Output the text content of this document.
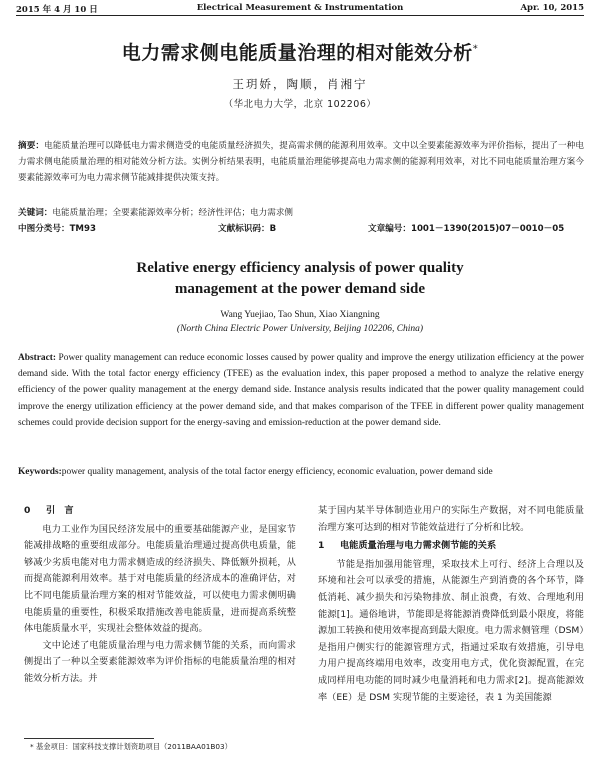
2015 年 4 月 10 日	Electrical Measurement & Instrumentation	Apr. 10, 2015
电力需求侧电能质量治理的相对能效分析*
王玥娇，陶顺，肖湘宁
（华北电力大学，北京 102206）
摘要：电能质量治理可以降低电力需求侧造受的电能质量经济损失，提高需求侧的能源利用效率。文中以全要素能源效率为评价指标，提出了一种电力需求侧电能质量治理的相对能效分析方法。实例分析结果表明，电能质量治理能够提高电力需求侧的能源利用效率，对比不同电能质量治理方案今要素能源效率可为电力需求侧节能减排提供决策支持。
关键词：电能质量治理；全要素能源效率分析；经济性评估；电力需求侧
中图分类号：TM93	文献标识码：B	文章编号：1001－1390(2015)07－0010－05
Relative energy efficiency analysis of power quality
management at the power demand side
Wang Yuejiao, Tao Shun, Xiao Xiangning
(North China Electric Power University, Beijing 102206, China)
Abstract: Power quality management can reduce economic losses caused by power quality and improve the energy utilization efficiency at the power demand side. With the total factor energy efficiency (TFEE) as the evaluation index, this paper proposed a method to analyze the relative energy efficiency of the power quality management at the energy demand side. Instance analysis results indicated that the power quality management could improve the energy utilization efficiency at the power demand side, and that makes comparison of the TFEE in different power quality management schemes could provide decision support for the energy-saving and emission-reduction at the power demand side.
Keywords:power quality management, analysis of the total factor energy efficiency, economic evaluation, power demand side
0 引　言

电力工业作为国民经济发展中的重要基础能源产业，是国家节能减排战略的重要组成部分。电能质量治理通过提高供电质量，能够减少劣质电能对电力需求侧造成的经济损失、降低额外损耗，从而提高能源利用效率。基于对电能质量的经济成本的准确评估，对比不同电能质量治理方案的相对节能效益，可以使电力需求侧明确电能质量的重要性，积极采取措施改善电能质量，进而提高系统整体电能质量水平，实现社会整体效益的提高。

文中论述了电能质量治理与电力需求侧节能的关系，而向需求侧提出了一种以全要素能源效率为评价指标的电能质量治理的相对能效分析方法。并

某于国内某半导体制造业用户的实际生产数据，对不同电能质量治理方案可达到的相对节能效益进行了分析和比较。

1 电能质量治理与电力需求侧节能的关系

节能是指加强用能管理，采取技术上可行、经济上合理以及环境和社会可以承受的措施，从能源生产到消费的各个环节，降低消耗、减少损失和污染物排放、制止浪费，有效、合理地利用能源[1]。通俗地讲，节能即是将能源消费降低到最小限度，将能源加工转换和使用效率提高到最大限度。电力需求侧管理（DSM）是指用户侧实行的能源管理方式，指通过采取有效措施，引导电力用户提高终端用电效率，改变用电方式，优化资源配置，在完成同样用电功能的同时减少电量消耗和电力需求[2]。提高能源效率（EE）是 DSM 实现节能的主要途径，表 1 为美国能源

* 基金项目：国家科技支撑计划资助项目（2011BAA01B03）
